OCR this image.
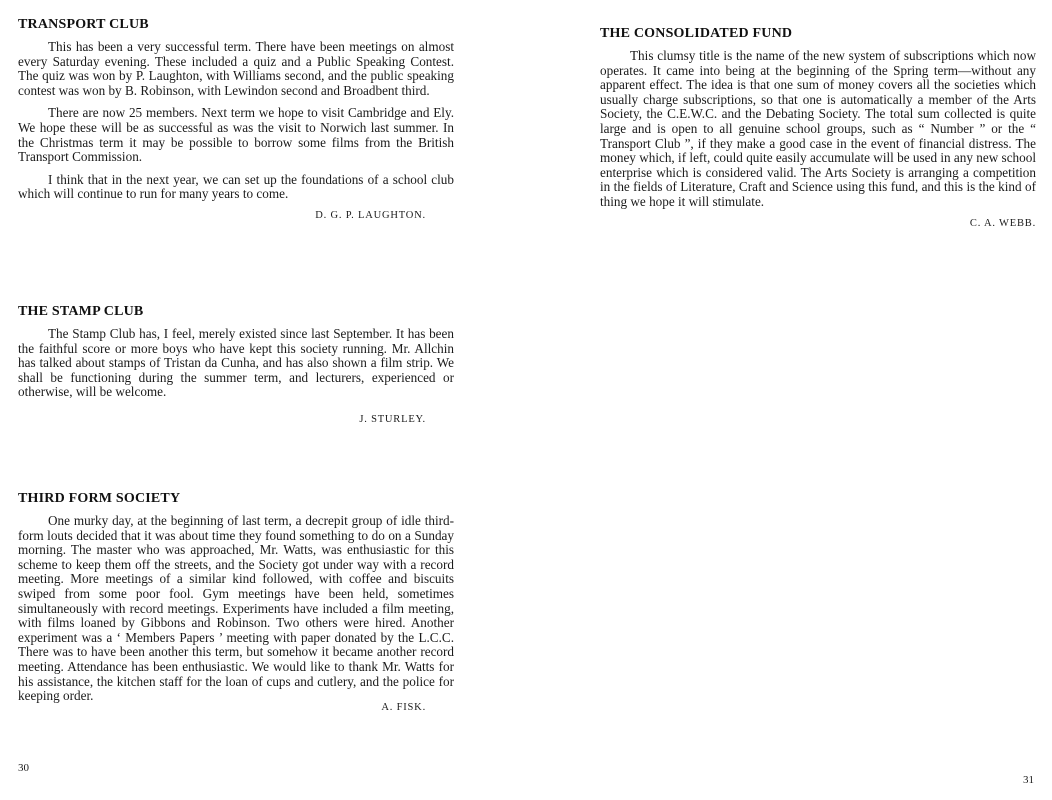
TRANSPORT CLUB

This has been a very successful term. There have been meetings on almost every Saturday evening. These included a quiz and a Public Speaking Contest. The quiz was won by P. Laughton, with Williams second, and the public speaking contest was won by B. Robinson, with Lewindon second and Broadbent third.

There are now 25 members. Next term we hope to visit Cambridge and Ely. We hope these will be as successful as was the visit to Norwich last summer. In the Christmas term it may be possible to borrow some films from the British Transport Commission.

I think that in the next year, we can set up the foundations of a school club which will continue to run for many years to come.

D. G. P. LAUGHTON.
THE STAMP CLUB

The Stamp Club has, I feel, merely existed since last September. It has been the faithful score or more boys who have kept this society running. Mr. Allchin has talked about stamps of Tristan da Cunha, and has also shown a film strip. We shall be functioning during the summer term, and lecturers, experienced or otherwise, will be welcome.

J. STURLEY.
THIRD FORM SOCIETY

One murky day, at the beginning of last term, a decrepit group of idle third-form louts decided that it was about time they found something to do on a Sunday morning. The master who was approached, Mr. Watts, was enthusiastic for this scheme to keep them off the streets, and the Society got under way with a record meeting. More meetings of a similar kind followed, with coffee and biscuits swiped from some poor fool. Gym meetings have been held, sometimes simultaneously with record meetings. Experiments have included a film meeting, with films loaned by Gibbons and Robinson. Two others were hired. Another experiment was a ‘ Members Papers ’ meeting with paper donated by the L.C.C. There was to have been another this term, but somehow it became another record meeting. Attendance has been enthusiastic. We would like to thank Mr. Watts for his assistance, the kitchen staff for the loan of cups and cutlery, and the police for keeping order.

A. FISK.
30
THE CONSOLIDATED FUND

This clumsy title is the name of the new system of subscriptions which now operates. It came into being at the beginning of the Spring term—without any apparent effect. The idea is that one sum of money covers all the societies which usually charge subscriptions, so that one is automatically a member of the Arts Society, the C.E.W.C. and the Debating Society. The total sum collected is quite large and is open to all genuine school groups, such as “ Number ” or the “ Transport Club ”, if they make a good case in the event of financial distress. The money which, if left, could quite easily accumulate will be used in any new school enterprise which is considered valid. The Arts Society is arranging a competition in the fields of Literature, Craft and Science using this fund, and this is the kind of thing we hope it will stimulate.

C. A. WEBB.
31
